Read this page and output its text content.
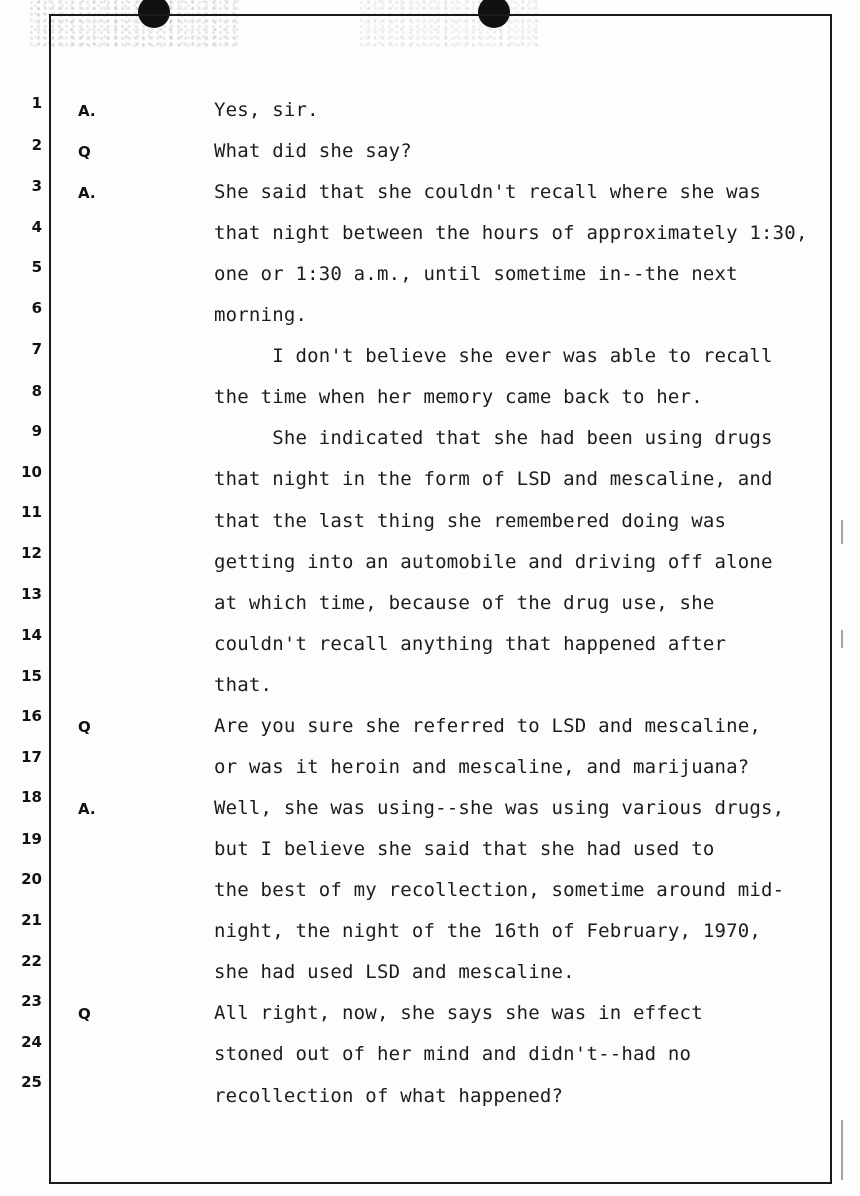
1
2
3
4
5
6
7
8
9
10
11
12
13
14
15
16
17
18
19
20
21
22
23
24
25
A.
Q
A.
Q
A.
Q
Yes, sir.
What did she say?
She said that she couldn't recall where she was
that night between the hours of approximately 1:30,
one or 1:30 a.m., until sometime in--the next
morning.
I don't believe she ever was able to recall
the time when her memory came back to her.
She indicated that she had been using drugs
that night in the form of LSD and mescaline, and
that the last thing she remembered doing was
getting into an automobile and driving off alone
at which time, because of the drug use, she
couldn't recall anything that happened after
that.
Are you sure she referred to LSD and mescaline,
or was it heroin and mescaline, and marijuana?
Well, she was using--she was using various drugs,
but I believe she said that she had used to
the best of my recollection, sometime around mid-
night, the night of the 16th of February, 1970,
she had used LSD and mescaline.
All right, now, she says she was in effect
stoned out of her mind and didn't--had no
recollection of what happened?
